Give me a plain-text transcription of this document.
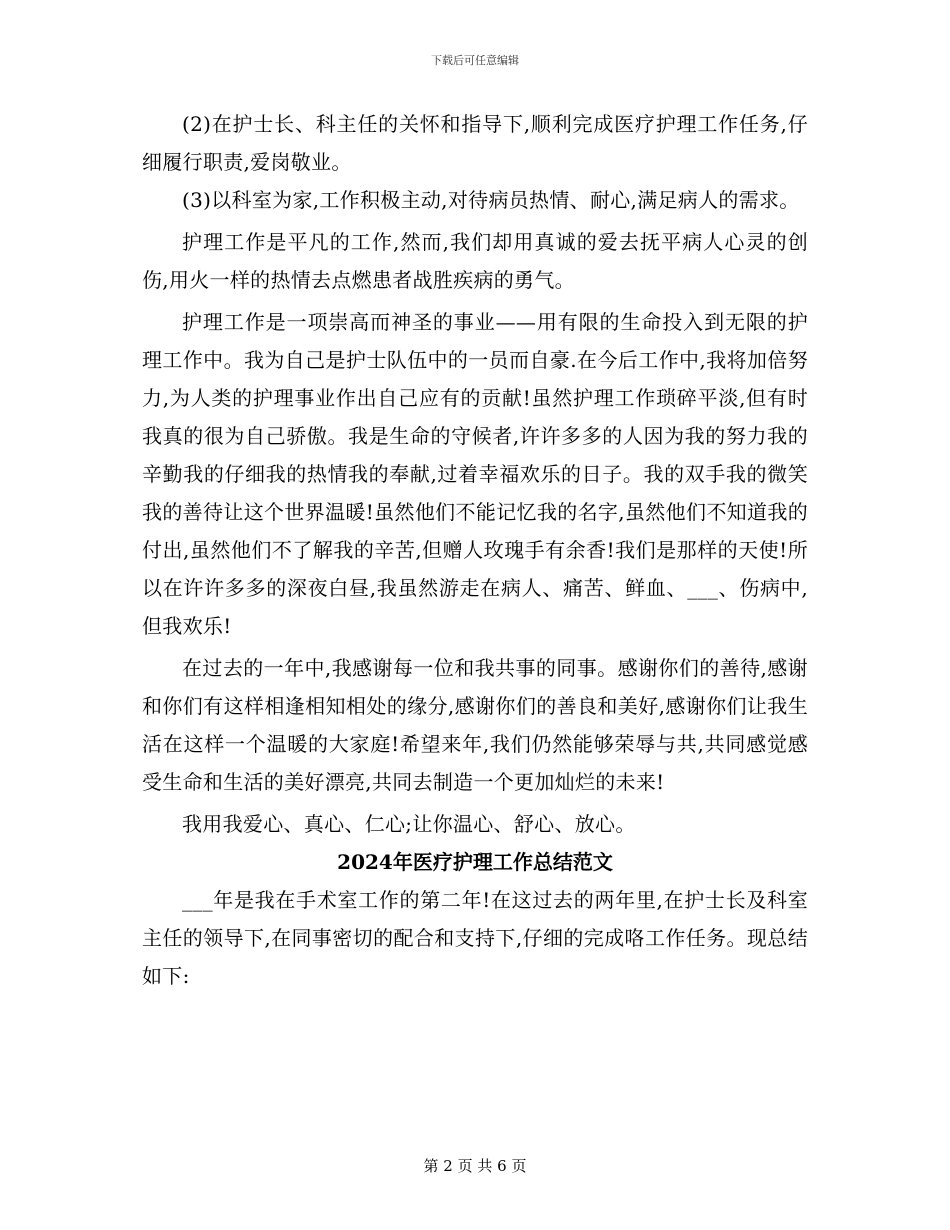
下载后可任意编辑

(2)在护士长、科主任的关怀和指导下,顺利完成医疗护理工作任务,仔细履行职责,爱岗敬业。

(3)以科室为家,工作积极主动,对待病员热情、耐心,满足病人的需求。

护理工作是平凡的工作,然而,我们却用真诚的爱去抚平病人心灵的创伤,用火一样的热情去点燃患者战胜疾病的勇气。

护理工作是一项崇高而神圣的事业——用有限的生命投入到无限的护理工作中。我为自己是护士队伍中的一员而自豪.在今后工作中,我将加倍努力,为人类的护理事业作出自己应有的贡献!虽然护理工作琐碎平淡,但有时我真的很为自己骄傲。我是生命的守候者,许许多多的人因为我的努力我的辛勤我的仔细我的热情我的奉献,过着幸福欢乐的日子。我的双手我的微笑我的善待让这个世界温暖!虽然他们不能记忆我的名字,虽然他们不知道我的付出,虽然他们不了解我的辛苦,但赠人玫瑰手有余香!我们是那样的天使!所以在许许多多的深夜白昼,我虽然游走在病人、痛苦、鲜血、___、伤病中,但我欢乐!

在过去的一年中,我感谢每一位和我共事的同事。感谢你们的善待,感谢和你们有这样相逢相知相处的缘分,感谢你们的善良和美好,感谢你们让我生活在这样一个温暖的大家庭!希望来年,我们仍然能够荣辱与共,共同感觉感受生命和生活的美好漂亮,共同去制造一个更加灿烂的未来!

我用我爱心、真心、仁心;让你温心、舒心、放心。

2024年医疗护理工作总结范文

___年是我在手术室工作的第二年!在这过去的两年里,在护士长及科室主任的领导下,在同事密切的配合和支持下,仔细的完成咯工作任务。现总结如下:

第 2 页 共 6 页
